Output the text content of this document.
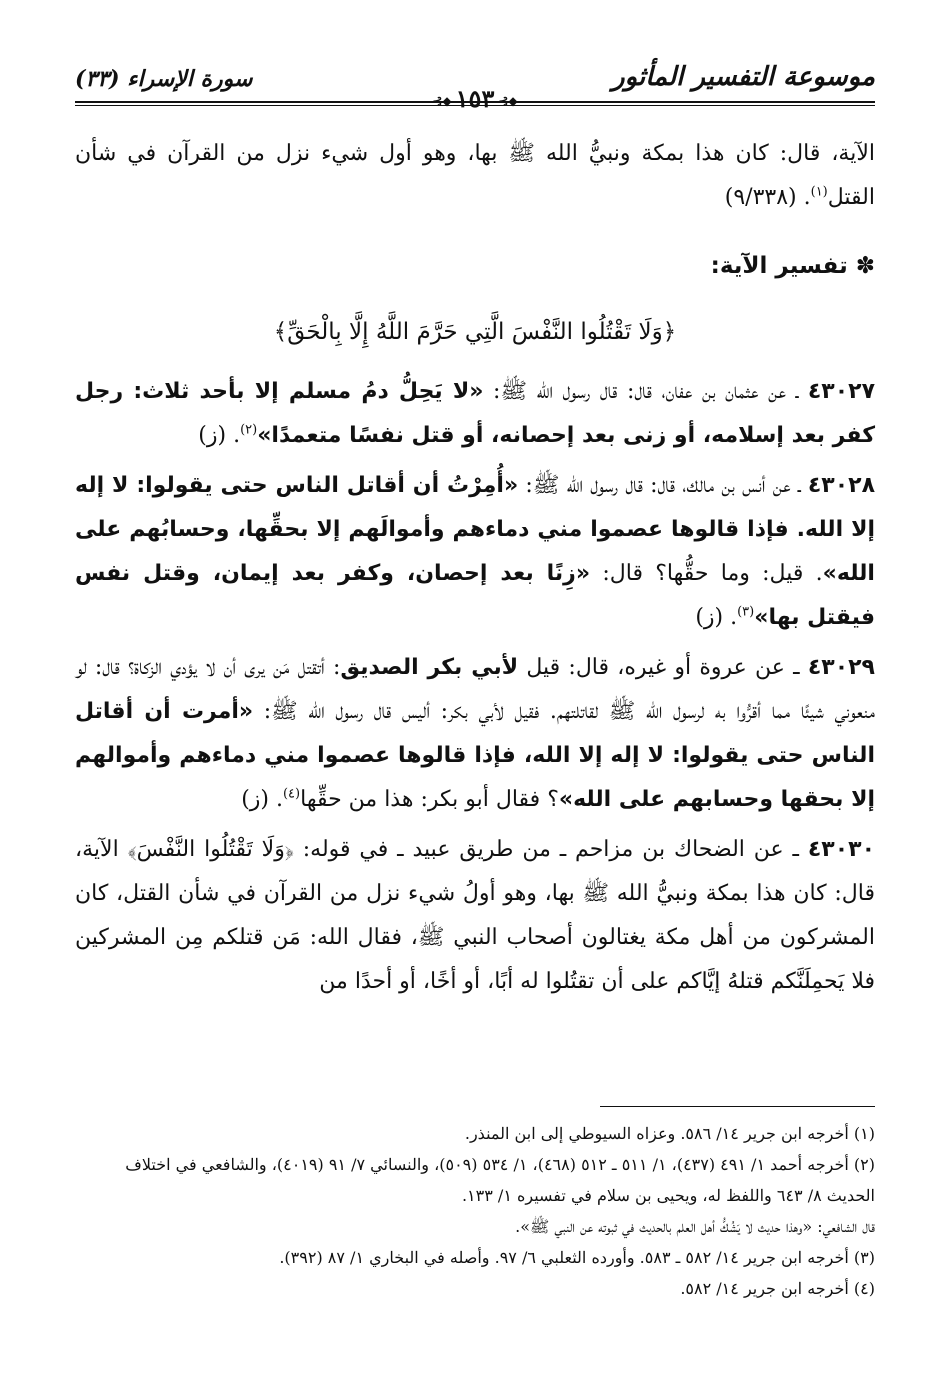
موسوعة التفسير المأثور
◆⊱١٥٣◆⊱
سورة الإسراء (٣٣)

الآية، قال: كان هذا بمكة ونبيُّ الله ﷺ بها، وهو أول شيء نزل من القرآن في شأن القتل$^{(١)}$. (٩/٣٣٨)

✽تفسير الآية:

﴿وَلَا تَقْتُلُوا النَّفْسَ الَّتِي حَرَّمَ اللَّهُ إِلَّا بِالْحَقِّ﴾

٤٣٠٢٧ ـ عن عثمان بن عفان، قال: قال رسول الله ﷺ: «لا يَحِلُّ دمُ مسلم إلا بأحد ثلاث: رجل كفر بعد إسلامه، أو زنى بعد إحصانه، أو قتل نفسًا متعمدًا»$^{(٢)}$. (ز)

٤٣٠٢٨ ـ عن أنس بن مالك، قال: قال رسول الله ﷺ: «أُمِرْتُ أن أقاتل الناس حتى يقولوا: لا إله إلا الله. فإذا قالوها عصموا مني دماءهم وأموالَهم إلا بحقِّها، وحسابُهم على الله». قيل: وما حقُّها؟ قال: «زِنًا بعد إحصان، وكفر بعد إيمان، وقتل نفس فيقتل بها»$^{(٣)}$. (ز)

٤٣٠٢٩ ـ عن عروة أو غيره، قال: قيل لأبي بكر الصديق: أتقتل مَن يرى أن لا يؤدي الزكاة؟ قال: لو منعوني شيئًا مما أقرُّوا به لرسول الله ﷺ لقاتلتهم. فقيل لأبي بكر: أليس قال رسول الله ﷺ: «أمرت أن أقاتل الناس حتى يقولوا: لا إله إلا الله، فإذا قالوها عصموا مني دماءهم وأموالهم إلا بحقها وحسابهم على الله»؟ فقال أبو بكر: هذا من حقِّها$^{(٤)}$. (ز)

٤٣٠٣٠ ـ عن الضحاك بن مزاحم ـ من طريق عبيد ـ في قوله: ﴿وَلَا تَقْتُلُوا النَّفْسَ﴾ الآية، قال: كان هذا بمكة ونبيُّ الله ﷺ بها، وهو أولُ شيء نزل من القرآن في شأن القتل، كان المشركون من أهل مكة يغتالون أصحاب النبي ﷺ، فقال الله: مَن قتلكم مِن المشركين فلا يَحمِلَنَّكم قتلهُ إيَّاكم على أن تقتُلوا له أبًا، أو أخًا، أو أحدًا من

(١) أخرجه ابن جرير ١٤/ ٥٨٦. وعزاه السيوطي إلى ابن المنذر.

(٢) أخرجه أحمد ١/ ٤٩١ (٤٣٧)، ١/ ٥١١ ـ ٥١٢ (٤٦٨)، ١/ ٥٣٤ (٥٠٩)، والنسائي ٧/ ٩١ (٤٠١٩)، والشافعي في اختلاف الحديث ٨/ ٦٤٣ واللفظ له، ويحيى بن سلام في تفسيره ١/ ١٣٣.

قال الشافعي: «وهذا حديث لا يَشُكُّ أهل العلم بالحديث في ثبوته عن النبي ﷺ».

(٣) أخرجه ابن جرير ١٤/ ٥٨٢ ـ ٥٨٣. وأورده الثعلبي ٦/ ٩٧. وأصله في البخاري ١/ ٨٧ (٣٩٢).

(٤) أخرجه ابن جرير ١٤/ ٥٨٢.
